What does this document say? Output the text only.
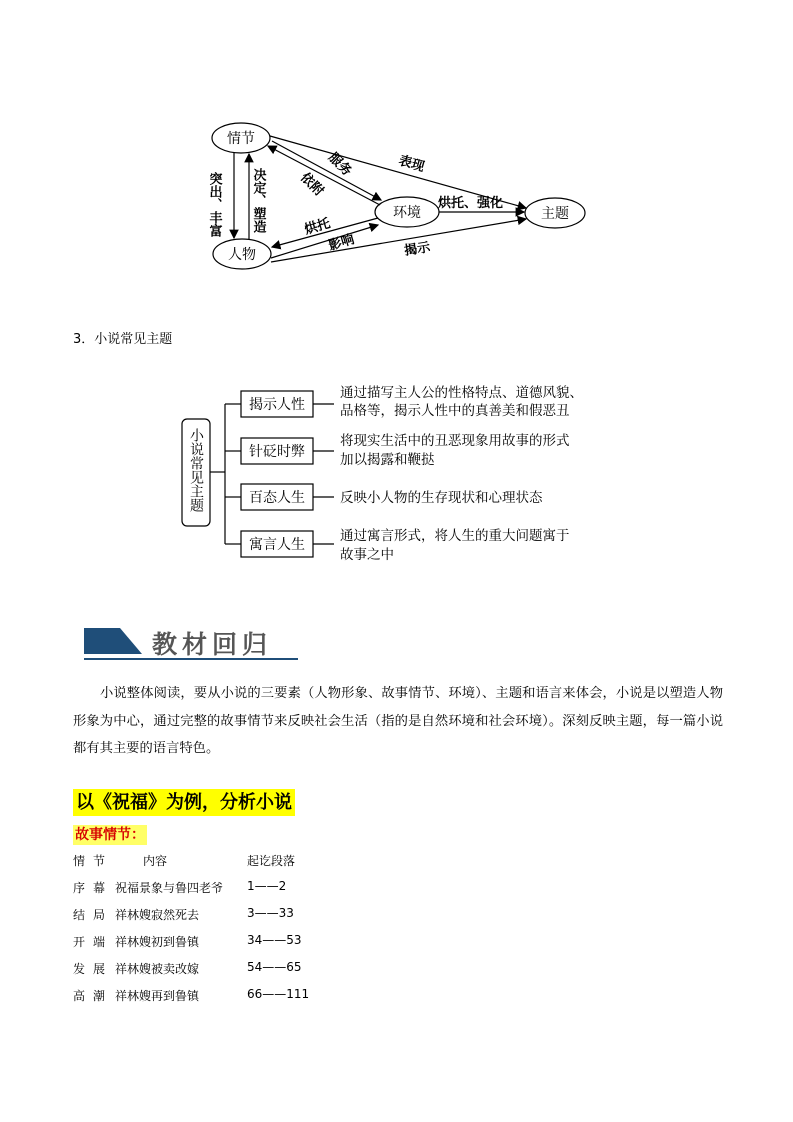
情节
人物
环境	主题
表现
突出、丰富 决定、塑造 依附
服务
烘托
影响
烘托、强化
揭示
3．小说常见主题
小说常见主题
揭示人性
针砭时弊
百态人生
寓言人生
通过描写主人公的性格特点、道德风貌、
品格等，揭示人性中的真善美和假恶丑
将现实生活中的丑恶现象用故事的形式
加以揭露和鞭挞
反映小人物的生存现状和心理状态
通过寓言形式，将人生的重大问题寓于
故事之中
教材回归
小说整体阅读，要从小说的三要素（人物形象、故事情节、环境）、主题和语言来体会，小说是以塑造人物形象为中心，通过完整的故事情节来反映社会生活（指的是自然环境和社会环境）。深刻反映主题，每一篇小说都有其主要的语言特色。
以《祝福》为例，分析小说
故事情节：
情节 内容	起讫段落
序幕 祝福景象与鲁四老爷 1——2
结局 祥林嫂寂然死去	3——33
开端 祥林嫂初到鲁镇	34——53
发展 祥林嫂被卖改嫁	54——65
高潮 祥林嫂再到鲁镇	66——111
